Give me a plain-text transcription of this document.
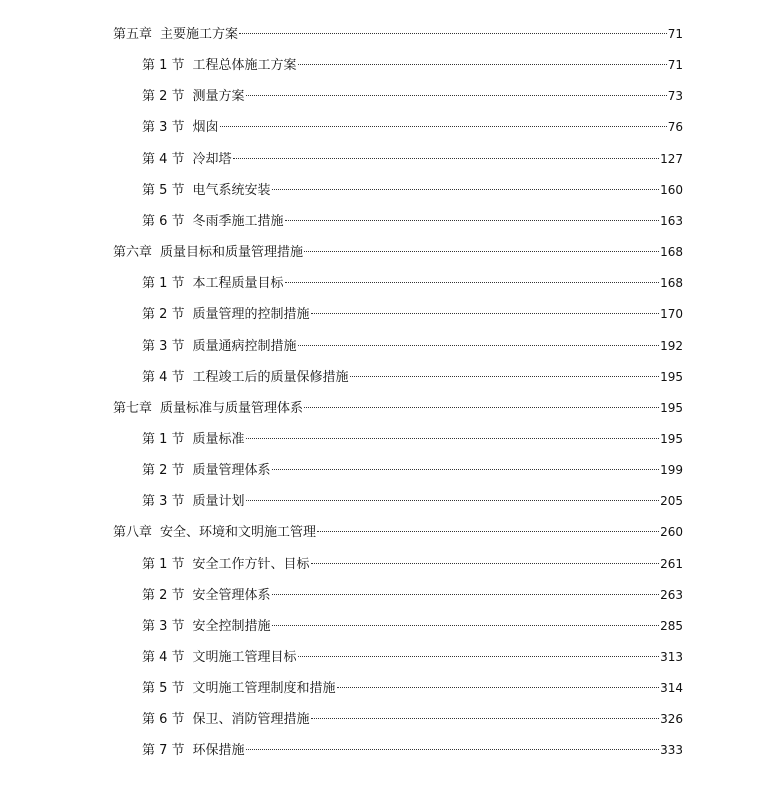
第五章 主要施工方案	71
第 1 节 工程总体施工方案	71
第 2 节 测量方案	73
第 3 节 烟囱	76
第 4 节 冷却塔	127
第 5 节 电气系统安装	160
第 6 节 冬雨季施工措施	163
第六章 质量目标和质量管理措施	168
第 1 节 本工程质量目标	168
第 2 节 质量管理的控制措施	170
第 3 节 质量通病控制措施	192
第 4 节 工程竣工后的质量保修措施	195
第七章 质量标准与质量管理体系	195
第 1 节 质量标准	195
第 2 节 质量管理体系	199
第 3 节 质量计划	205
第八章 安全、环境和文明施工管理	260
第 1 节 安全工作方针、目标	261
第 2 节 安全管理体系	263
第 3 节 安全控制措施	285
第 4 节 文明施工管理目标	313
第 5 节 文明施工管理制度和措施	314
第 6 节 保卫、消防管理措施	326
第 7 节 环保措施	333
